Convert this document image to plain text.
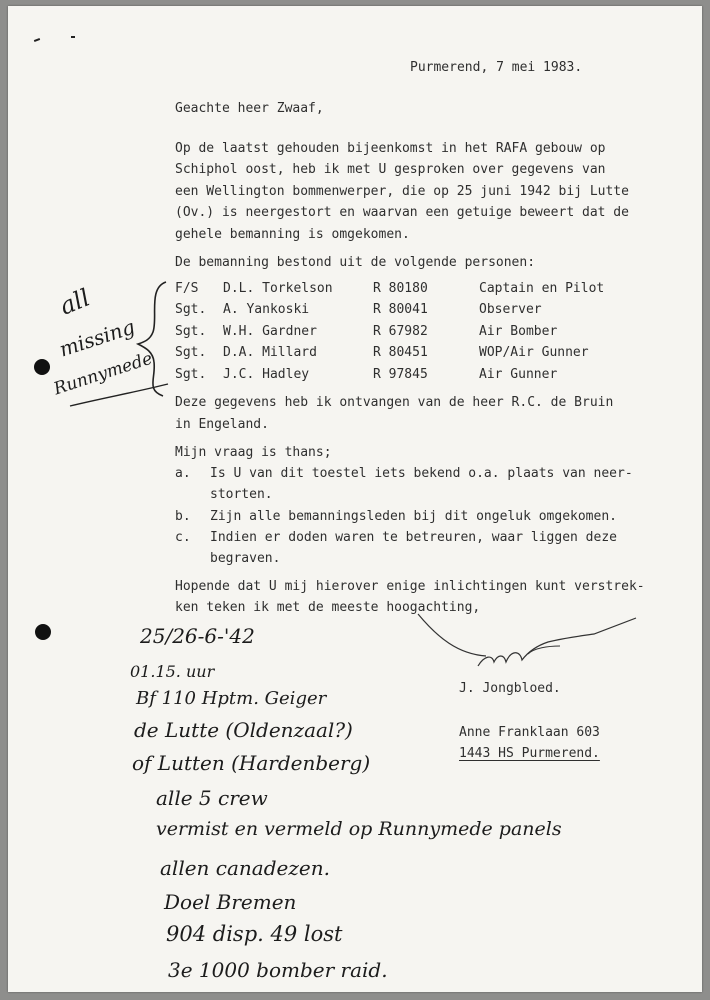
Purmerend, 7 mei 1983.

Geachte heer Zwaaf,

Op de laatst gehouden bijeenkomst in het RAFA gebouw op

Schiphol oost, heb ik met U gesproken over gegevens van

een Wellington bommenwerper, die op 25 juni 1942 bij Lutte

(Ov.) is neergestort en waarvan een getuige beweert dat de

gehele bemanning is omgekomen.

De bemanning bestond uit de volgende personen:

F/S	D.L. Torkelson	R 80180	Captain en Pilot
Sgt.	A. Yankoski	R 80041	Observer
Sgt.	W.H. Gardner	R 67982	Air Bomber
Sgt.	D.A. Millard	R 80451	WOP/Air Gunner
Sgt.	J.C. Hadley	R 97845	Air Gunner

all

missing

Runnymede

Deze gegevens heb ik ontvangen van de heer R.C. de Bruin

in Engeland.

Mijn vraag is thans;

a. Is U van dit toestel iets bekend o.a. plaats van neer-

storten.

b. Zijn alle bemanningsleden bij dit ongeluk omgekomen.

c. Indien er doden waren te betreuren, waar liggen deze

begraven.

Hopende dat U mij hierover enige inlichtingen kunt verstrek-

ken teken ik met de meeste hoogachting,

J. Jongbloed.

Anne Franklaan 603

1443 HS Purmerend.

25/26-6-'42

01.15. uur

Bf 110 Hptm. Geiger

de Lutte (Oldenzaal?)

of Lutten (Hardenberg)

alle 5 crew

vermist en vermeld op Runnymede panels

allen canadezen.

Doel Bremen

904 disp. 49 lost

3e 1000 bomber raid.
